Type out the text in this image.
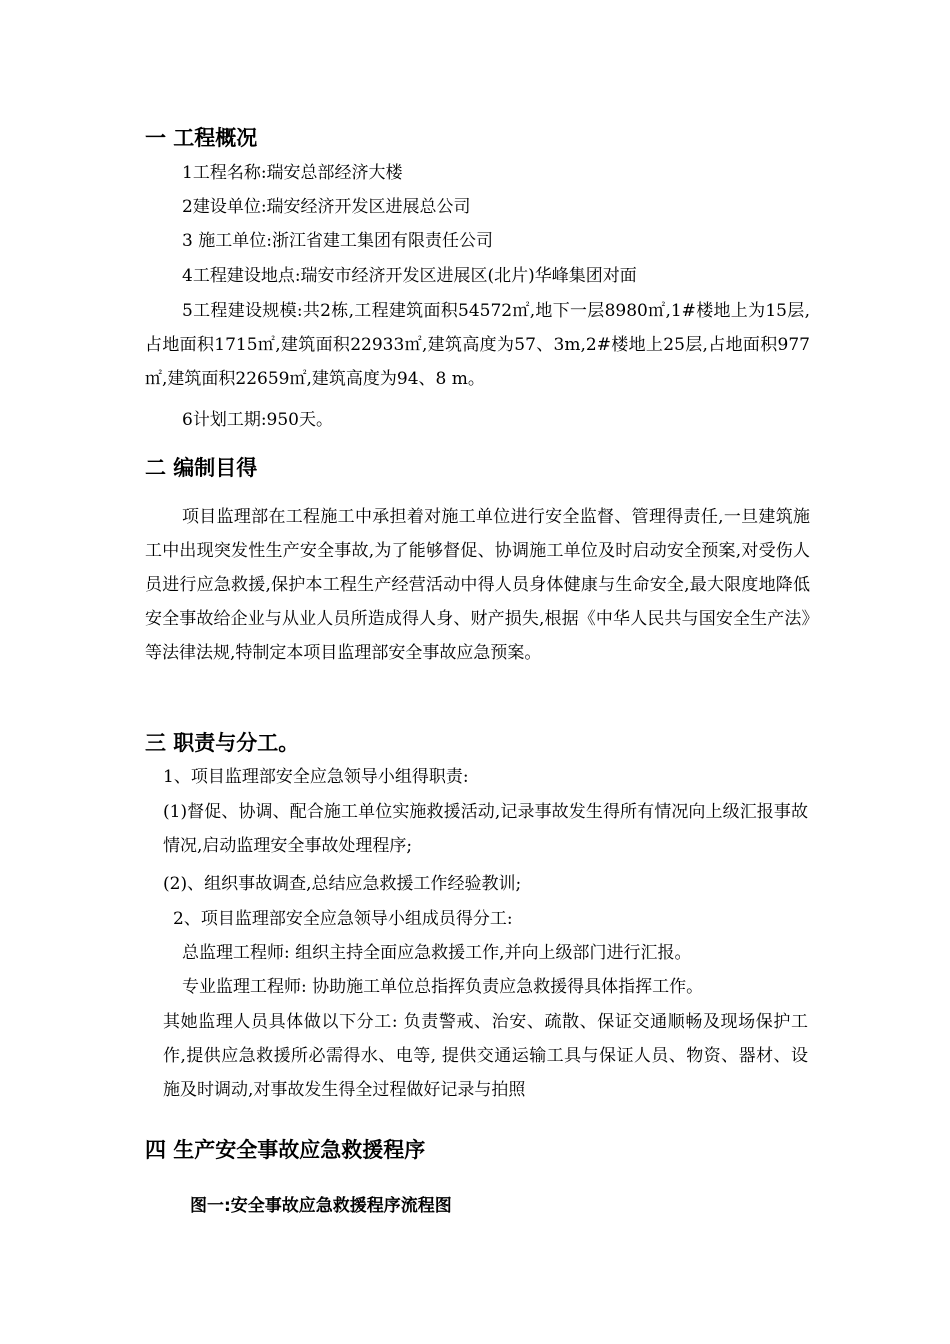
一 工程概况
1工程名称:瑞安总部经济大楼
2建设单位:瑞安经济开发区进展总公司
3 施工单位:浙江省建工集团有限责任公司
4工程建设地点:瑞安市经济开发区进展区(北片)华峰集团对面
5工程建设规模:共2栋,工程建筑面积54572㎡,地下一层8980㎡,1#楼地上为15层,占地面积1715㎡,建筑面积22933㎡,建筑高度为57、3m,2#楼地上25层,占地面积977㎡,建筑面积22659㎡,建筑高度为94、8 m。
6计划工期:950天。
二 编制目得
项目监理部在工程施工中承担着对施工单位进行安全监督、管理得责任,一旦建筑施工中出现突发性生产安全事故,为了能够督促、协调施工单位及时启动安全预案,对受伤人员进行应急救援,保护本工程生产经营活动中得人员身体健康与生命安全,最大限度地降低安全事故给企业与从业人员所造成得人身、财产损失,根据《中华人民共与国安全生产法》等法律法规,特制定本项目监理部安全事故应急预案。
三 职责与分工。
1、项目监理部安全应急领导小组得职责:
(1)督促、协调、配合施工单位实施救援活动,记录事故发生得所有情况向上级汇报事故情况,启动监理安全事故处理程序;
(2)、组织事故调查,总结应急救援工作经验教训;
2、项目监理部安全应急领导小组成员得分工:
总监理工程师: 组织主持全面应急救援工作,并向上级部门进行汇报。
专业监理工程师: 协助施工单位总指挥负责应急救援得具体指挥工作。
其她监理人员具体做以下分工: 负责警戒、治安、疏散、保证交通顺畅及现场保护工作,提供应急救援所必需得水、电等, 提供交通运输工具与保证人员、物资、器材、设施及时调动,对事故发生得全过程做好记录与拍照
四 生产安全事故应急救援程序
图一:安全事故应急救援程序流程图
